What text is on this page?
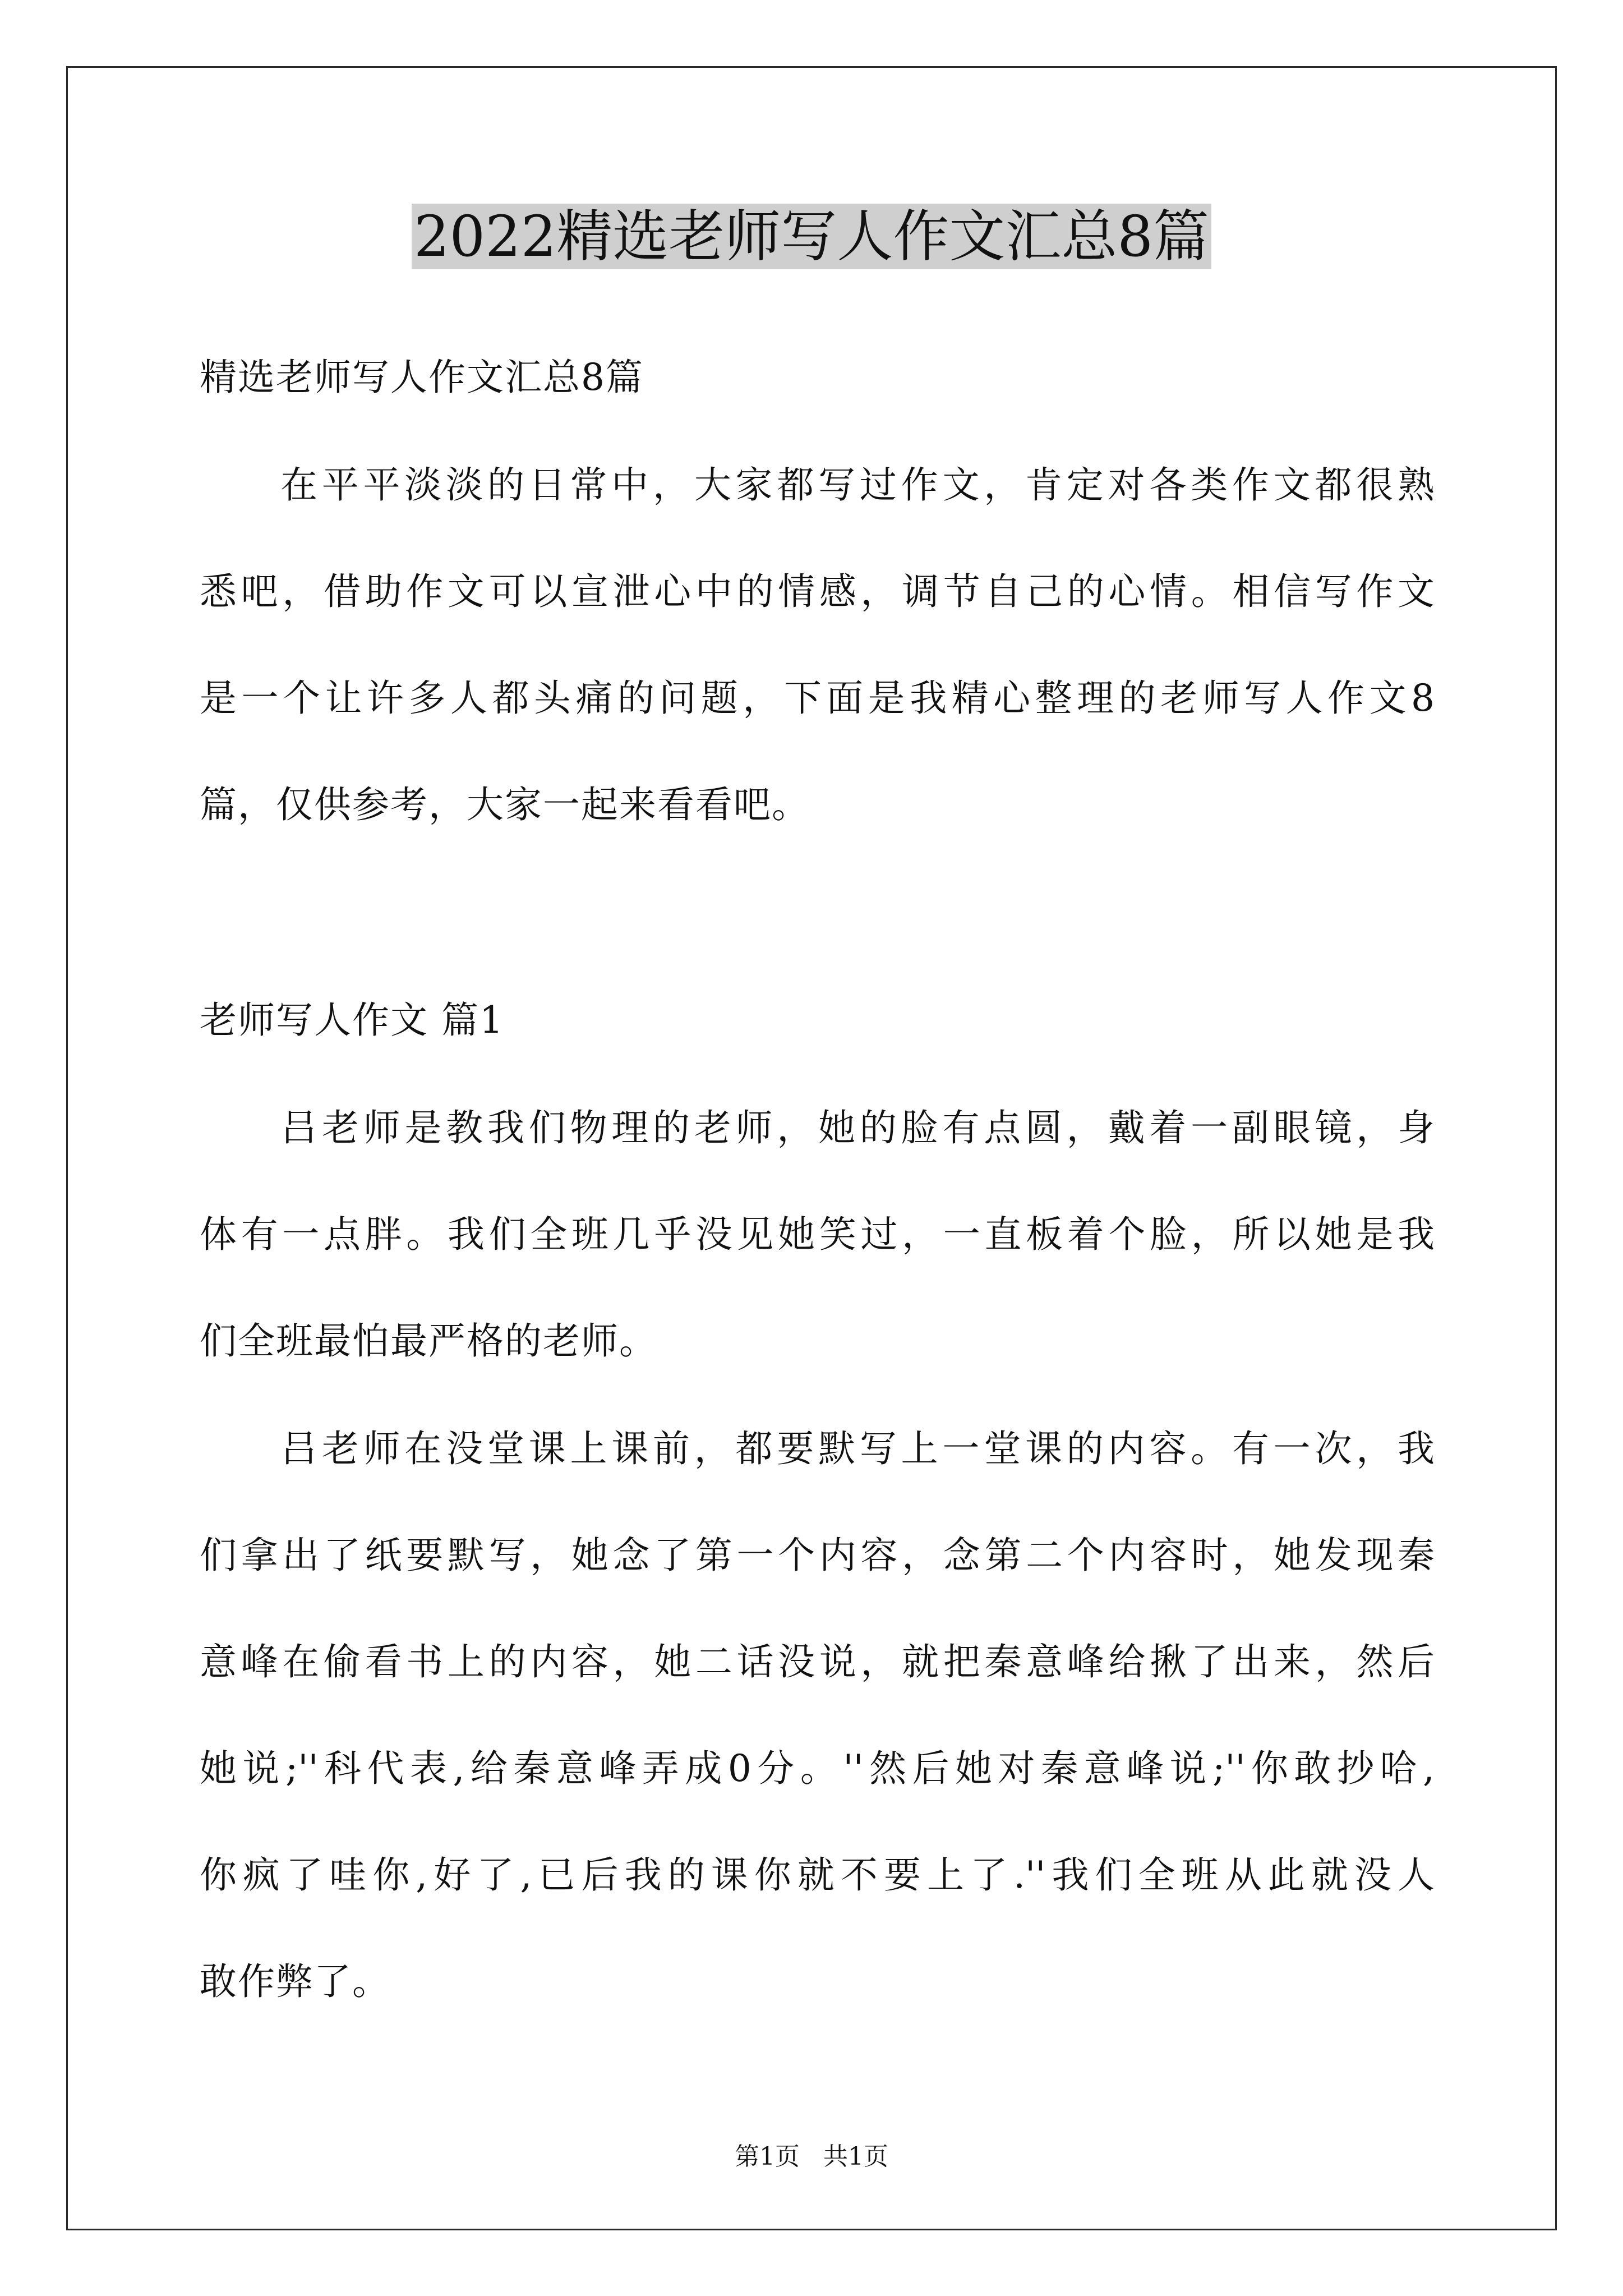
2022精选老师写人作文汇总8篇
精选老师写人作文汇总8篇
在平平淡淡的日常中，大家都写过作文，肯定对各类作文都很熟
悉吧，借助作文可以宣泄心中的情感，调节自己的心情。相信写作文
是一个让许多人都头痛的问题，下面是我精心整理的老师写人作文8
篇，仅供参考，大家一起来看看吧。
老师写人作文 篇1
吕老师是教我们物理的老师，她的脸有点圆，戴着一副眼镜，身
体有一点胖。我们全班几乎没见她笑过，一直板着个脸，所以她是我
们全班最怕最严格的老师。
吕老师在没堂课上课前，都要默写上一堂课的内容。有一次，我
们拿出了纸要默写，她念了第一个内容，念第二个内容时，她发现秦
意峰在偷看书上的内容，她二话没说，就把秦意峰给揪了出来，然后
她说;''科代表,给秦意峰弄成0分。''然后她对秦意峰说;''你敢抄哈,
你疯了哇你,好了,已后我的课你就不要上了.''我们全班从此就没人
敢作弊了。
第1页   共1页
